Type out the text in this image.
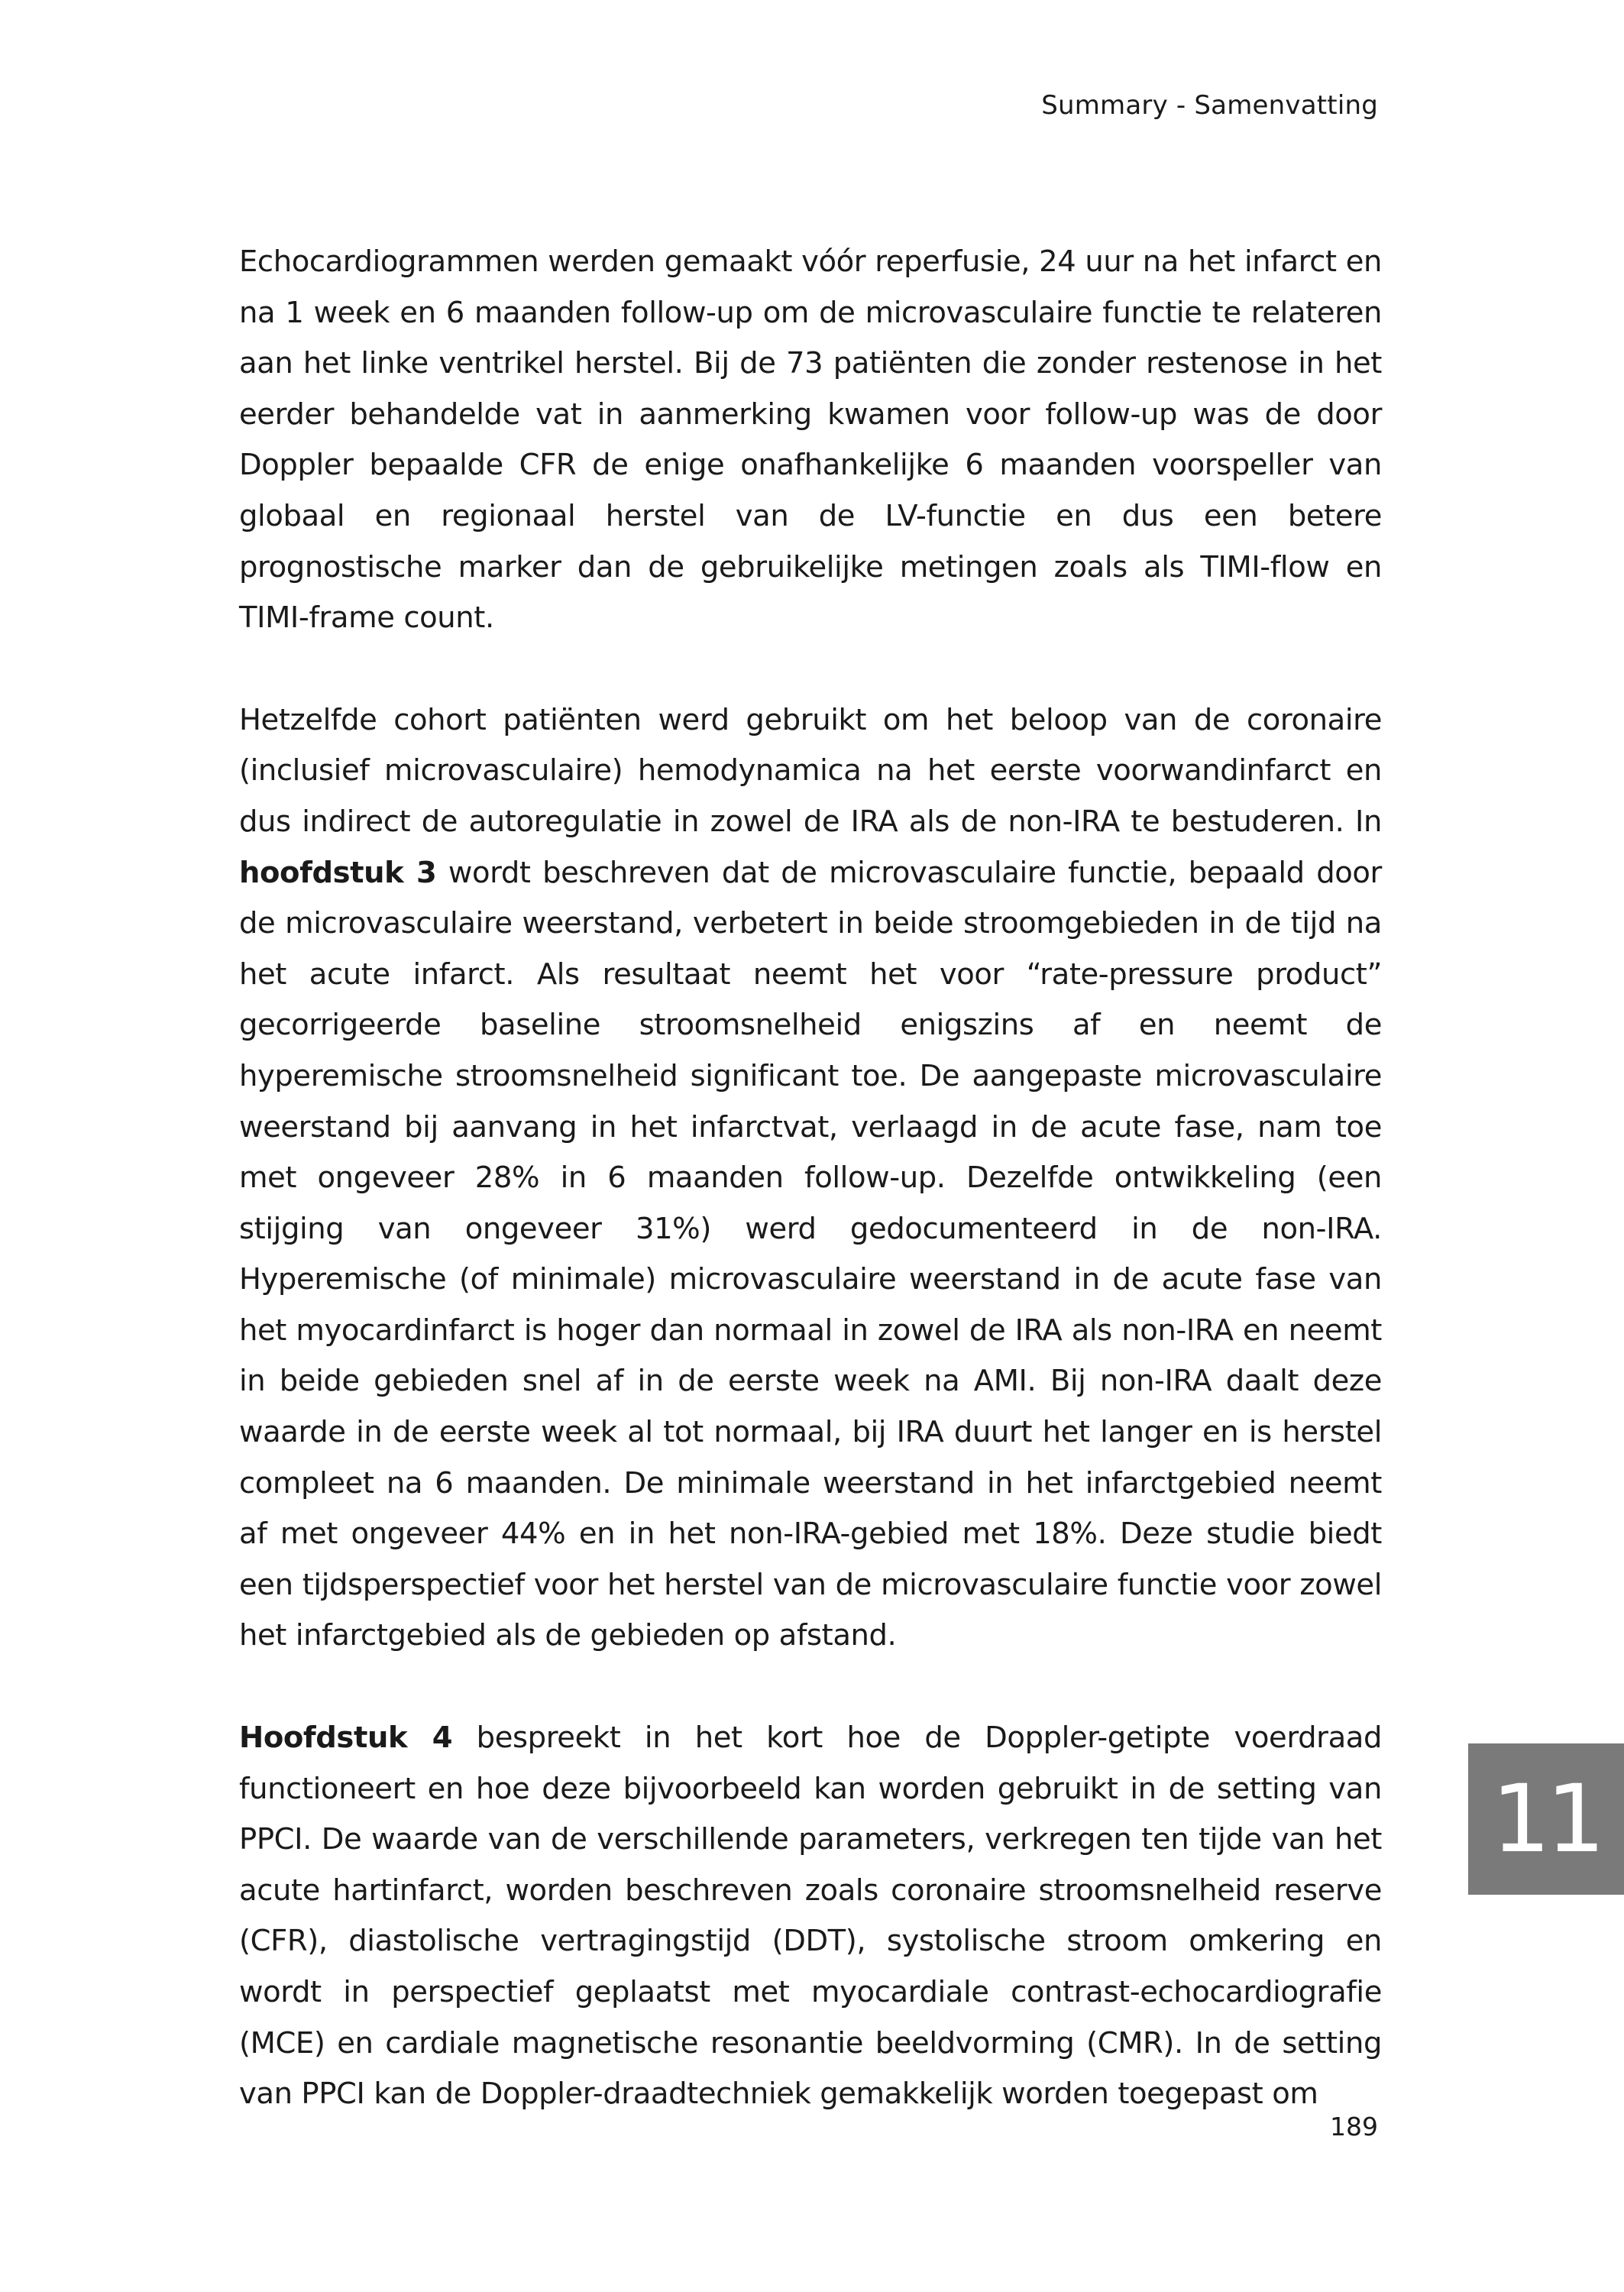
Summary - Samenvatting

Echocardiogrammen werden gemaakt vóór reperfusie, 24 uur na het infarct en na 1 week en 6 maanden follow-up om de microvasculaire functie te relateren aan het linke ventrikel herstel. Bij de 73 patiënten die zonder restenose in het eerder behandelde vat in aanmerking kwamen voor follow-up was de door Doppler bepaalde CFR de enige onafhankelijke 6 maanden voorspeller van globaal en regionaal herstel van de LV-functie en dus een betere prognostische marker dan de gebruikelijke metingen zoals als TIMI-flow en TIMI-frame count.

Hetzelfde cohort patiënten werd gebruikt om het beloop van de coronaire (inclusief microvasculaire) hemodynamica na het eerste voorwandinfarct en dus indirect de autoregulatie in zowel de IRA als de non-IRA te bestuderen. In hoofdstuk 3 wordt beschreven dat de microvasculaire functie, bepaald door de microvasculaire weerstand, verbetert in beide stroomgebieden in de tijd na het acute infarct. Als resultaat neemt het voor “rate-pressure product” gecorrigeerde baseline stroomsnelheid enigszins af en neemt de hyperemische stroomsnelheid significant toe. De aangepaste microvasculaire weerstand bij aanvang in het infarctvat, verlaagd in de acute fase, nam toe met ongeveer 28% in 6 maanden follow-up. Dezelfde ontwikkeling (een stijging van ongeveer 31%) werd gedocumenteerd in de non-IRA. Hyperemische (of minimale) microvasculaire weerstand in de acute fase van het myocardinfarct is hoger dan normaal in zowel de IRA als non-IRA en neemt in beide gebieden snel af in de eerste week na AMI. Bij non-IRA daalt deze waarde in de eerste week al tot normaal, bij IRA duurt het langer en is herstel compleet na 6 maanden. De minimale weerstand in het infarctgebied neemt af met ongeveer 44% en in het non-IRA-gebied met 18%. Deze studie biedt een tijdsperspectief voor het herstel van de microvasculaire functie voor zowel het infarctgebied als de gebieden op afstand.

Hoofdstuk 4 bespreekt in het kort hoe de Doppler-getipte voerdraad functioneert en hoe deze bijvoorbeeld kan worden gebruikt in de setting van PPCI. De waarde van de verschillende parameters, verkregen ten tijde van het acute hartinfarct, worden beschreven zoals coronaire stroomsnelheid reserve (CFR), diastolische vertragingstijd (DDT), systolische stroom omkering en wordt in perspectief geplaatst met myocardiale contrast-echocardiografie (MCE) en cardiale magnetische resonantie beeldvorming (CMR). In de setting van PPCI kan de Doppler-draadtechniek gemakkelijk worden toegepast om

11
189
